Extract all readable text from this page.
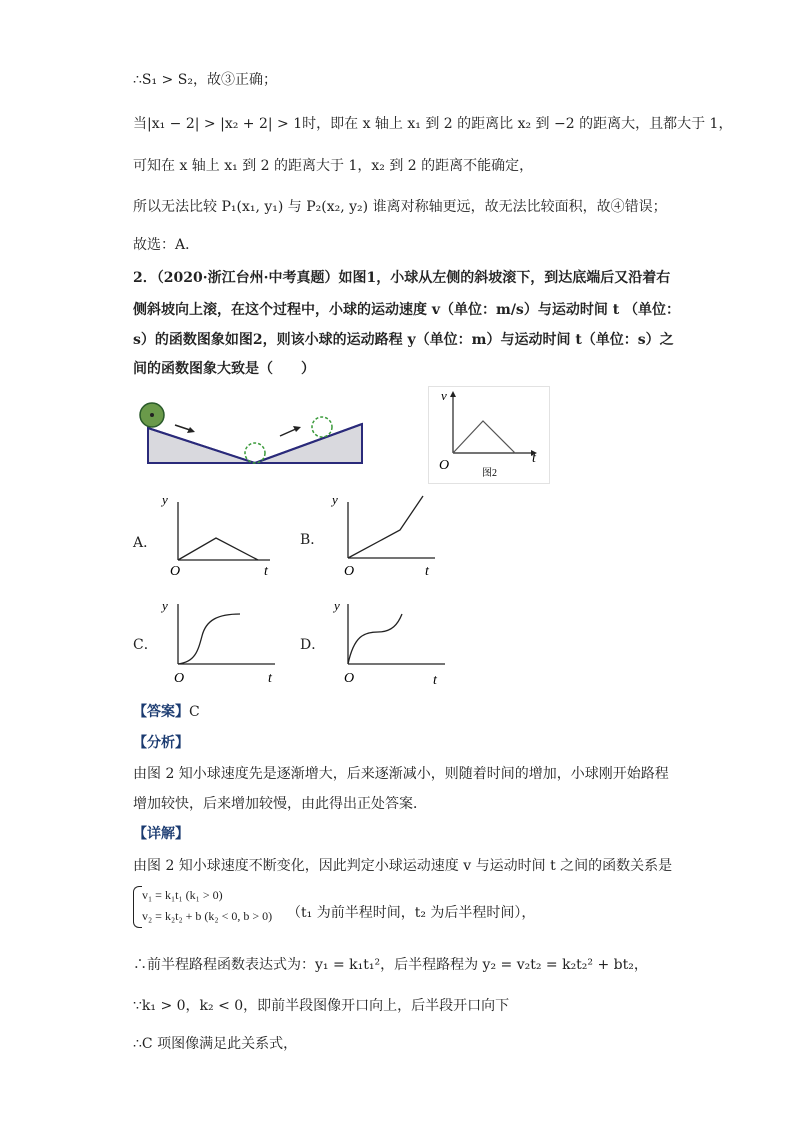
∴S₁ > S₂，故③正确；
当|x₁ − 2| > |x₂ + 2| > 1时，即在 x 轴上 x₁ 到 2 的距离比 x₂ 到 −2 的距离大，且都大于 1，
可知在 x 轴上 x₁ 到 2 的距离大于 1，x₂ 到 2 的距离不能确定，
所以无法比较 P₁(x₁, y₁) 与 P₂(x₂, y₂) 谁离对称轴更远，故无法比较面积，故④错误；
故选：A．
2．（2020·浙江台州·中考真题）如图1，小球从左侧的斜坡滚下，到达底端后又沿着右
侧斜坡向上滚，在这个过程中，小球的运动速度 v（单位：m/s）与运动时间 t （单位：
s）的函数图象如图2，则该小球的运动路程 y（单位：m）与运动时间 t（单位：s）之
间的函数图象大致是（　　）
v
t
O
图2
A．
y
t
O
B．
y
t
O
C．
y
t
O
D．
y
t
O
【答案】C
【分析】
由图 2 知小球速度先是逐渐增大，后来逐渐减小，则随着时间的增加，小球刚开始路程
增加较快，后来增加较慢，由此得出正处答案．
【详解】
由图 2 知小球速度不断变化，因此判定小球运动速度 v 与运动时间 t 之间的函数关系是
v₁ = k₁t₁ (k₁ > 0)
v₂ = k₂t₂ + b (k₂ < 0, b > 0) （t₁ 为前半程时间，t₂ 为后半程时间），
∴前半程路程函数表达式为：y₁ = k₁t₁²，后半程路程为 y₂ = v₂t₂ = k₂t₂² + bt₂，
∵k₁ > 0，k₂ < 0，即前半段图像开口向上，后半段开口向下
∴C 项图像满足此关系式，
